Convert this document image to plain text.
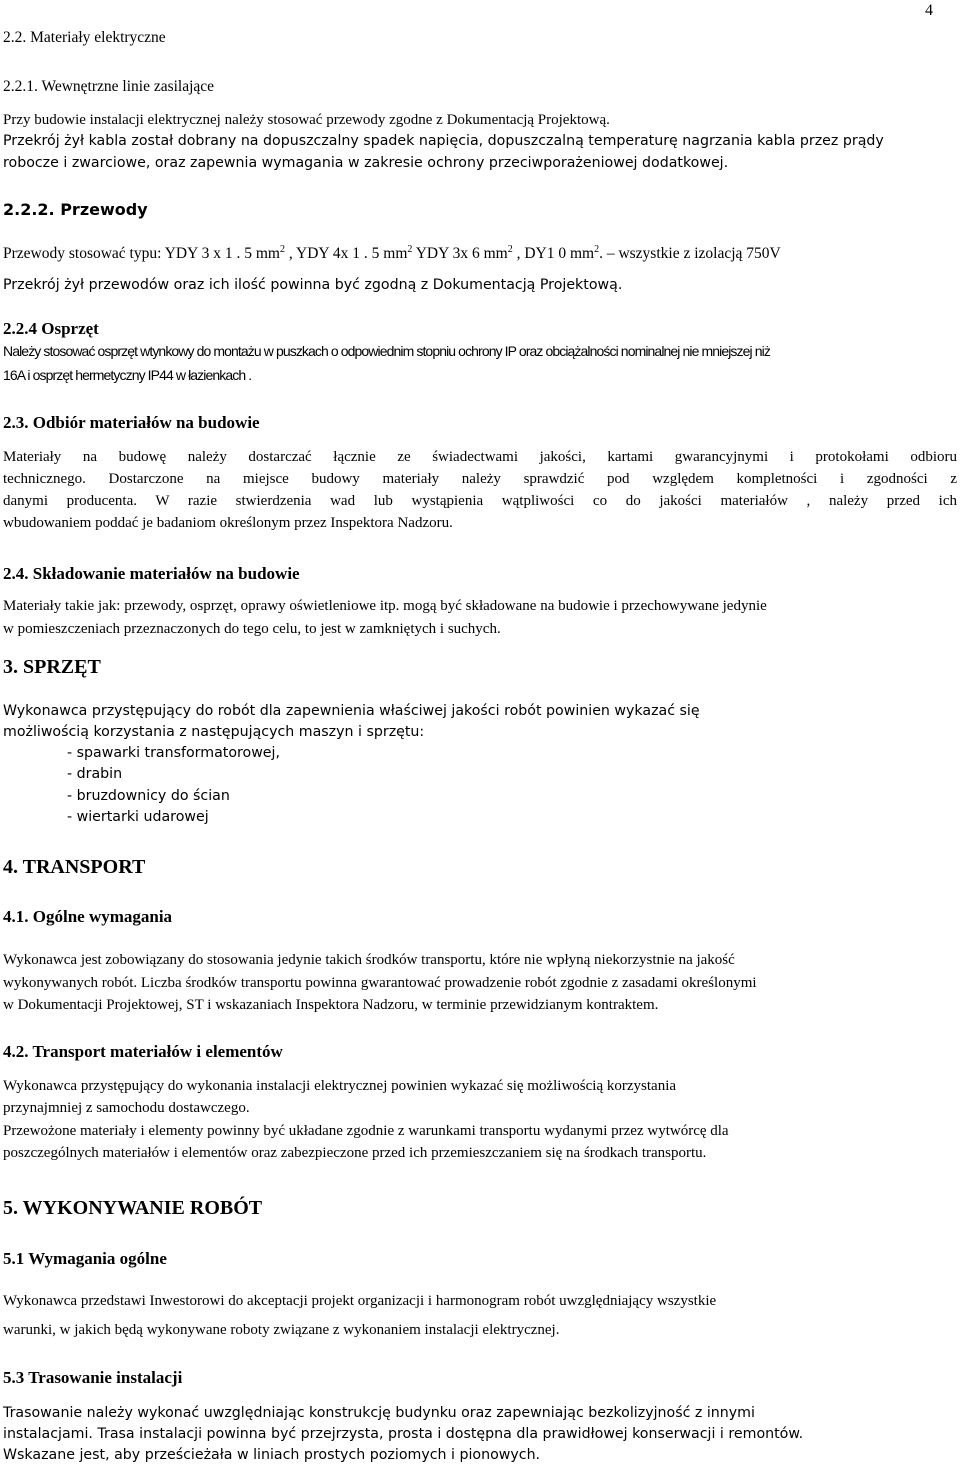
4
2.2. Materiały elektryczne
2.2.1. Wewnętrzne linie zasilające
Przy budowie instalacji elektrycznej należy stosować przewody zgodne z Dokumentacją Projektową.
Przekrój żył kabla został dobrany na dopuszczalny spadek napięcia, dopuszczalną temperaturę nagrzania kabla przez prądy
robocze i zwarciowe, oraz zapewnia wymagania w zakresie ochrony przeciwporażeniowej dodatkowej.
2.2.2. Przewody
Przewody stosować typu: YDY 3 x 1 . 5 $mm^2$ , YDY 4x 1 . 5 $mm^2$ YDY 3x 6 $mm^2$ , DY1 0 $mm^2$. – wszystkie z izolacją 750V
Przekrój żył przewodów oraz ich ilość powinna być zgodną z Dokumentacją Projektową.
2.2.4 Osprzęt
Należy stosować osprzęt wtynkowy do montażu w puszkach o odpowiednim stopniu ochrony IP oraz obciążalności nominalnej nie mniejszej niż
16A i osprzęt hermetyczny IP44 w łazienkach .
2.3. Odbiór materiałów na budowie
Materiały na budowę należy dostarczać łącznie ze świadectwami jakości, kartami gwarancyjnymi i protokołami odbioru
technicznego. Dostarczone na miejsce budowy materiały należy sprawdzić pod względem kompletności i zgodności z
danymi producenta. W razie stwierdzenia wad lub wystąpienia wątpliwości co do jakości materiałów , należy przed ich
wbudowaniem poddać je badaniom określonym przez Inspektora Nadzoru.
2.4. Składowanie materiałów na budowie
Materiały takie jak: przewody, osprzęt, oprawy oświetleniowe itp. mogą być składowane na budowie i przechowywane jedynie
w pomieszczeniach przeznaczonych do tego celu, to jest w zamkniętych i suchych.
3. SPRZĘT
Wykonawca przystępujący do robót dla zapewnienia właściwej jakości robót powinien wykazać się
możliwością korzystania z następujących maszyn i sprzętu:
- spawarki transformatorowej,
- drabin
- bruzdownicy do ścian
- wiertarki udarowej
4. TRANSPORT
4.1. Ogólne wymagania
Wykonawca jest zobowiązany do stosowania jedynie takich środków transportu, które nie wpłyną niekorzystnie na jakość
wykonywanych robót. Liczba środków transportu powinna gwarantować prowadzenie robót zgodnie z zasadami określonymi
w Dokumentacji Projektowej, ST i wskazaniach Inspektora Nadzoru, w terminie przewidzianym kontraktem.
4.2. Transport materiałów i elementów
Wykonawca przystępujący do wykonania instalacji elektrycznej powinien wykazać się możliwością korzystania
przynajmniej z samochodu dostawczego.
Przewożone materiały i elementy powinny być układane zgodnie z warunkami transportu wydanymi przez wytwórcę dla
poszczególnych materiałów i elementów oraz zabezpieczone przed ich przemieszczaniem się na środkach transportu.
5. WYKONYWANIE ROBÓT
5.1 Wymagania ogólne
Wykonawca przedstawi Inwestorowi do akceptacji projekt organizacji i harmonogram robót uwzględniający wszystkie
warunki, w jakich będą wykonywane roboty związane z wykonaniem instalacji elektrycznej.
5.3 Trasowanie instalacji
Trasowanie należy wykonać uwzględniając konstrukcję budynku oraz zapewniając bezkolizyjność z innymi
instalacjami. Trasa instalacji powinna być przejrzysta, prosta i dostępna dla prawidłowej konserwacji i remontów.
Wskazane jest, aby prześcieżała w liniach prostych poziomych i pionowych.
